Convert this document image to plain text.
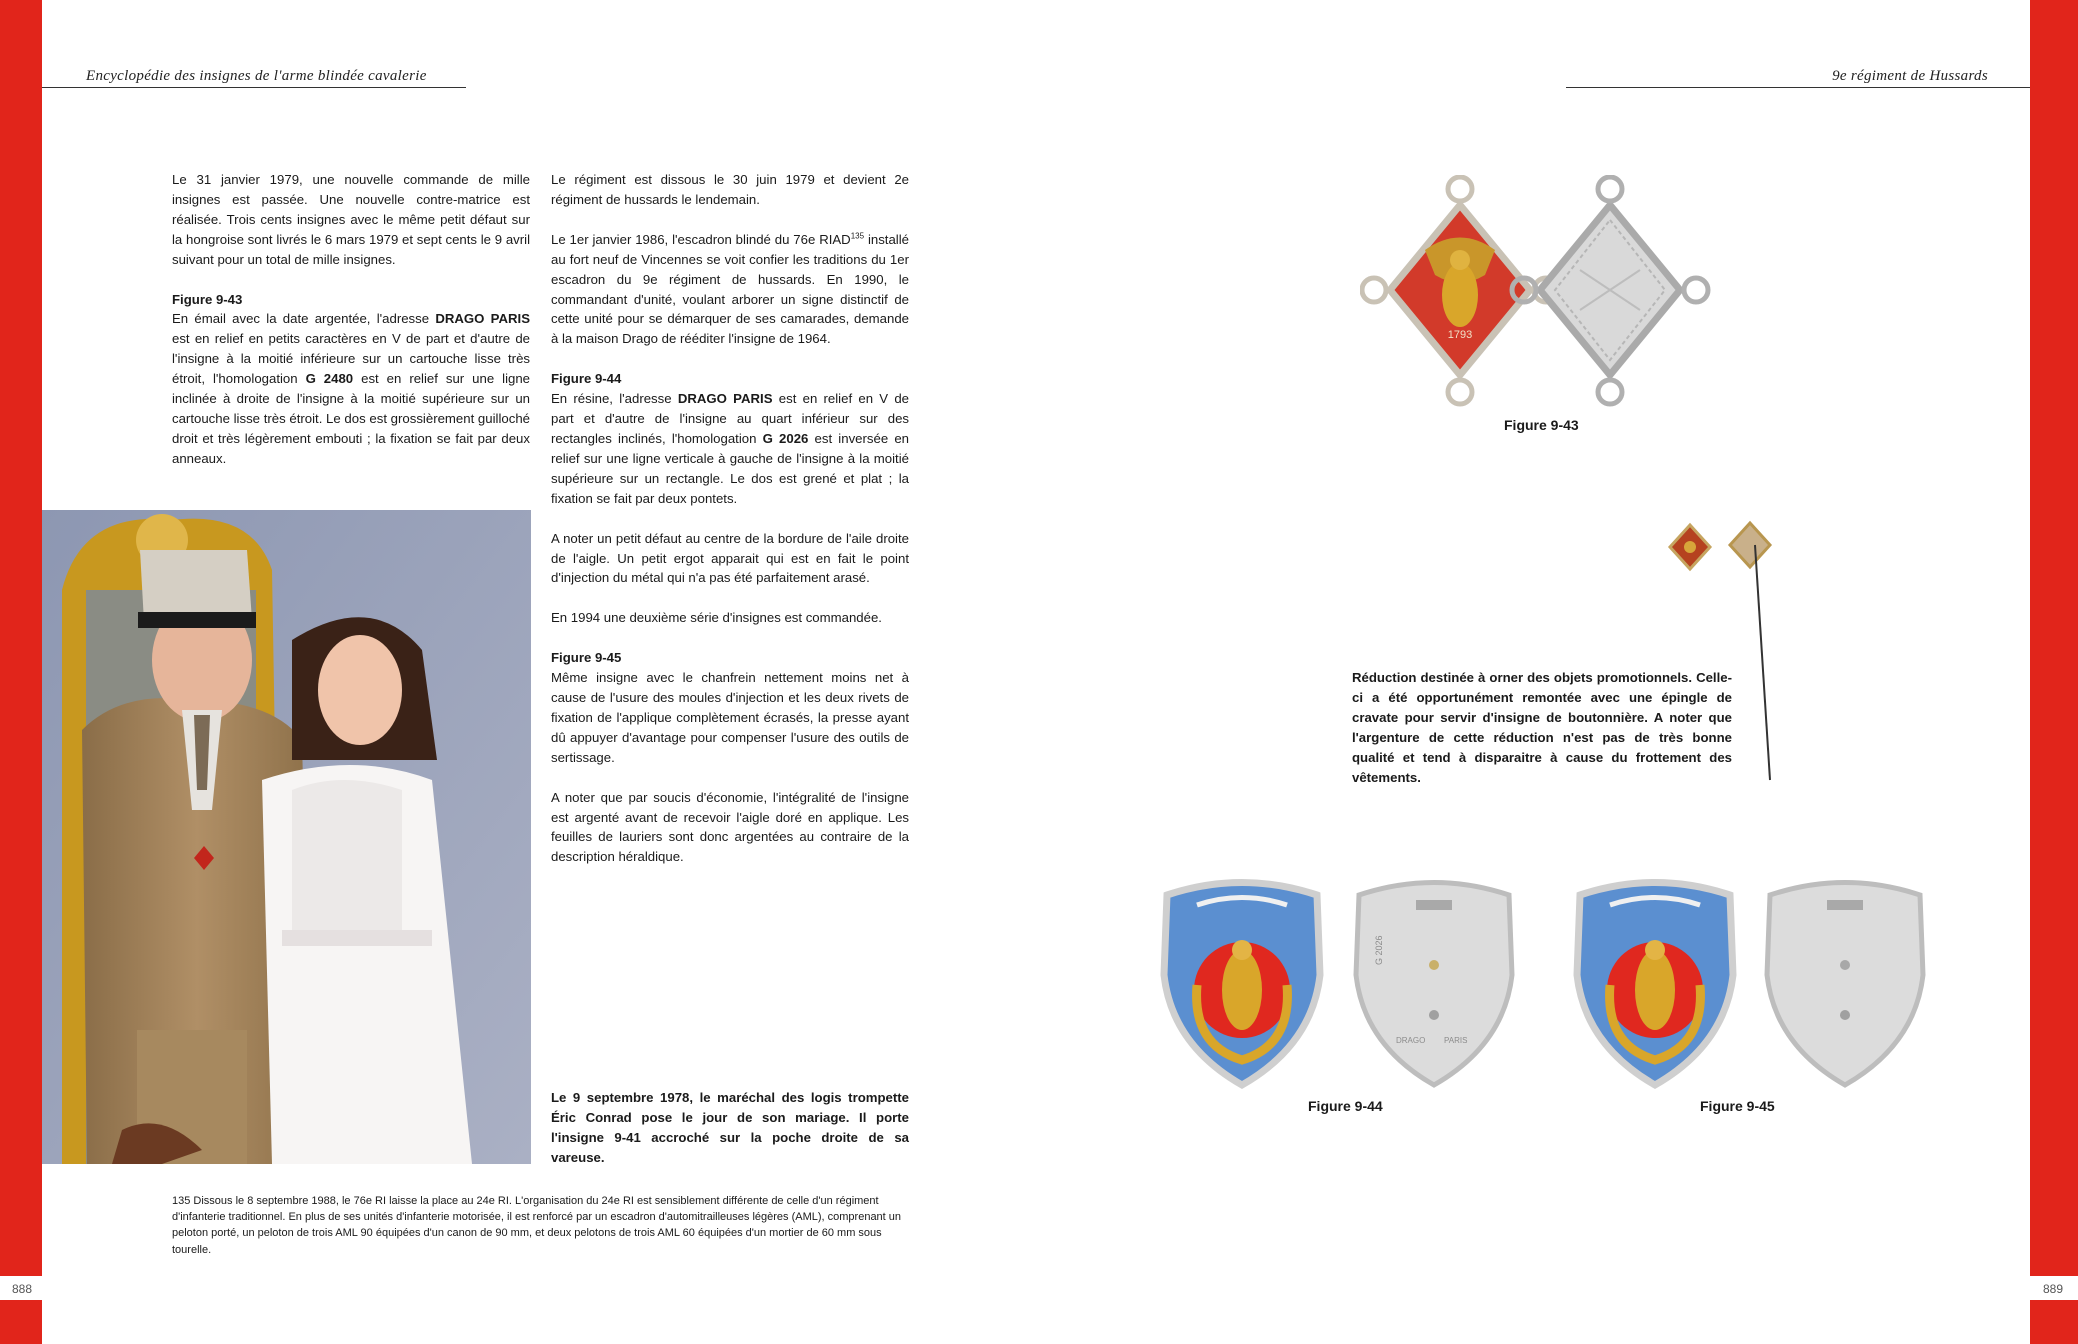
Encyclopédie des insignes de l'arme blindée cavalerie	9e régiment de Hussards

Le 31 janvier 1979, une nouvelle commande de mille insignes est passée. Une nouvelle contre-matrice est réalisée. Trois cents insignes avec le même petit défaut sur la hongroise sont livrés le 6 mars 1979 et sept cents le 9 avril suivant pour un total de mille insignes.

Figure 9-43

En émail avec la date argentée, l'adresse DRAGO PARIS est en relief en petits caractères en V de part et d'autre de l'insigne à la moitié inférieure sur un cartouche lisse très étroit, l'homologation G 2480 est en relief sur une ligne inclinée à droite de l'insigne à la moitié supérieure sur un cartouche lisse très étroit. Le dos est grossièrement guilloché droit et très légèrement embouti ; la fixation se fait par deux anneaux.

Le régiment est dissous le 30 juin 1979 et devient 2e régiment de hussards le lendemain.

Le 1er janvier 1986, l'escadron blindé du 76e RIAD$^{135}$ installé au fort neuf de Vincennes se voit confier les traditions du 1er escadron du 9e régiment de hussards. En 1990, le commandant d'unité, voulant arborer un signe distinctif de cette unité pour se démarquer de ses camarades, demande à la maison Drago de rééditer l'insigne de 1964.

Figure 9-44

En résine, l'adresse DRAGO PARIS est en relief en V de part et d'autre de l'insigne au quart inférieur sur des rectangles inclinés, l'homologation G 2026 est inversée en relief sur une ligne verticale à gauche de l'insigne à la moitié supérieure sur un rectangle. Le dos est grené et plat ; la fixation se fait par deux pontets.

A noter un petit défaut au centre de la bordure de l'aile droite de l'aigle. Un petit ergot apparait qui est en fait le point d'injection du métal qui n'a pas été parfaitement arasé.

En 1994 une deuxième série d'insignes est commandée.

Figure 9-45

Même insigne avec le chanfrein nettement moins net à cause de l'usure des moules d'injection et les deux rivets de fixation de l'applique complètement écrasés, la presse ayant dû appuyer d'avantage pour compenser l'usure des outils de sertissage.

A noter que par soucis d'économie, l'intégralité de l'insigne est argenté avant de recevoir l'aigle doré en applique. Les feuilles de lauriers sont donc argentées au contraire de la description héraldique.

Le 9 septembre 1978, le maréchal des logis trompette Éric Conrad pose le jour de son mariage. Il porte l'insigne 9-41 accroché sur la poche droite de sa vareuse.
135 Dissous le 8 septembre 1988, le 76e RI laisse la place au 24e RI. L'organisation du 24e RI est sensiblement différente de celle d'un régiment d'infanterie traditionnel. En plus de ses unités d'infanterie motorisée, il est renforcé par un escadron d'automitrailleuses légères (AML), comprenant un peloton porté, un peloton de trois AML 90 équipées d'un canon de 90 mm, et deux pelotons de trois AML 60 équipées d'un mortier de 60 mm sous tourelle.
888	889
1793
Figure 9-43
Réduction destinée à orner des objets promotionnels. Celle-ci a été opportunément remontée avec une épingle de cravate pour servir d'insigne de boutonnière. A noter que l'argenture de cette réduction n'est pas de très bonne qualité et tend à disparaitre à cause du frottement des vêtements.
G 2026
DRAGO PARIS
Figure 9-44	Figure 9-45
